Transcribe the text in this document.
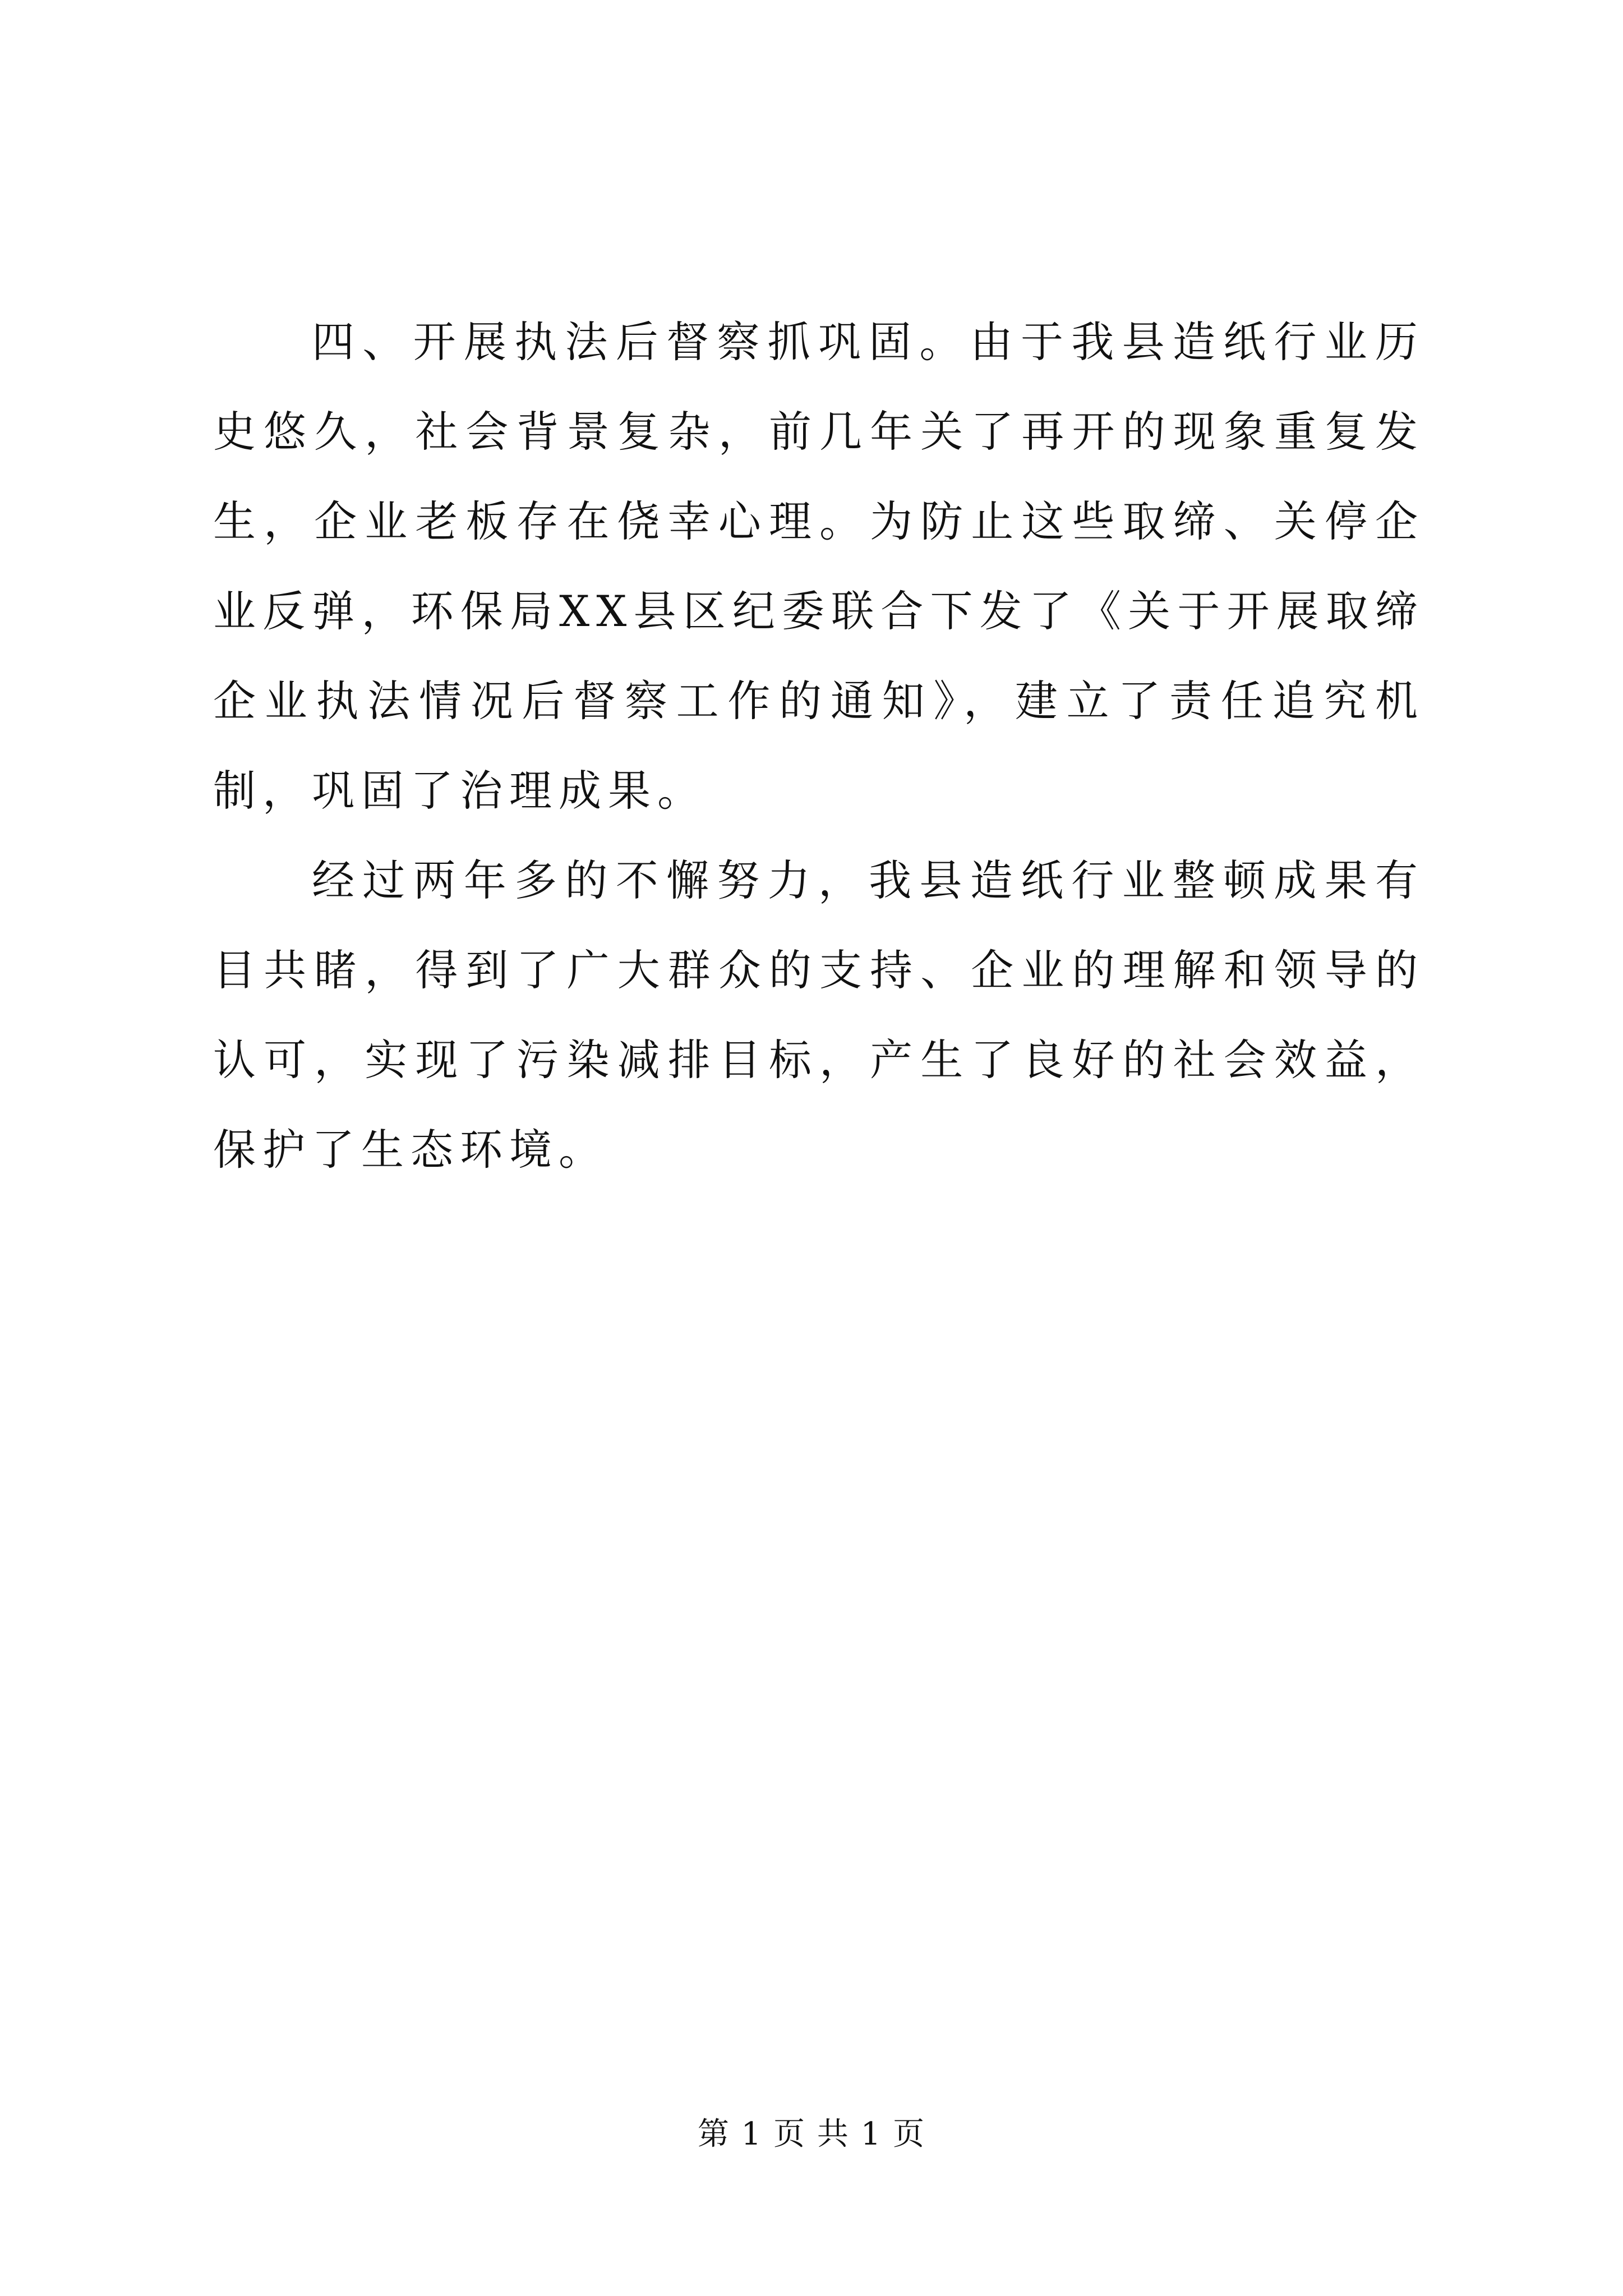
四、开展执法后督察抓巩固。由于我县造纸行业历史悠久，社会背景复杂，前几年关了再开的现象重复发生，企业老板存在侥幸心理。为防止这些取缔、关停企业反弹，环保局XX县区纪委联合下发了《关于开展取缔企业执法情况后督察工作的通知》，建立了责任追究机制，巩固了治理成果。

经过两年多的不懈努力，我县造纸行业整顿成果有目共睹，得到了广大群众的支持、企业的理解和领导的认可，实现了污染减排目标，产生了良好的社会效益，保护了生态环境。

第 1 页 共 1 页
